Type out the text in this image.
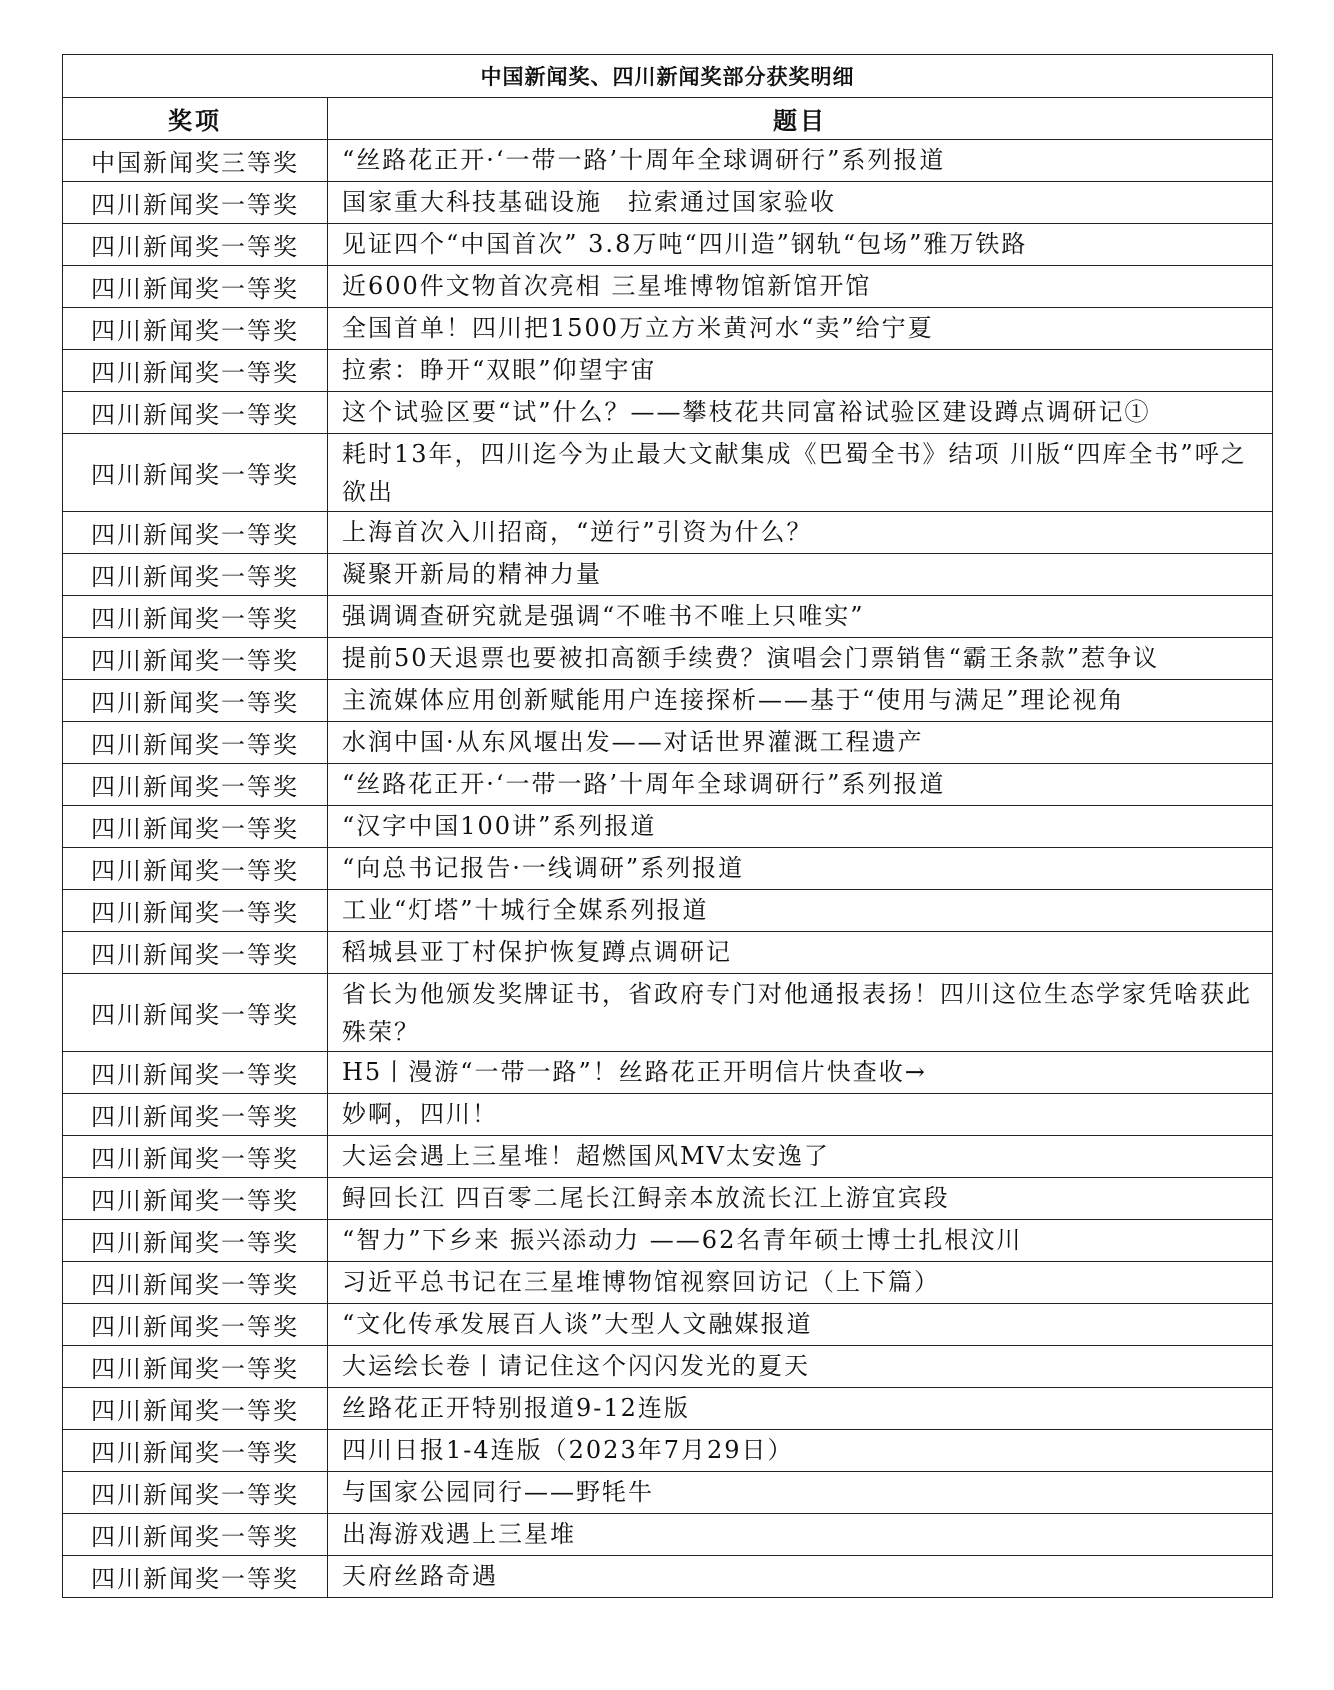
中国新闻奖、四川新闻奖部分获奖明细	
奖项	题目
中国新闻奖三等奖	“丝路花正开·‘一带一路’十周年全球调研行”系列报道
四川新闻奖一等奖	国家重大科技基础设施　拉索通过国家验收
四川新闻奖一等奖	见证四个“中国首次” 3.8万吨“四川造”钢轨“包场”雅万铁路
四川新闻奖一等奖	近600件文物首次亮相 三星堆博物馆新馆开馆
四川新闻奖一等奖	全国首单！四川把1500万立方米黄河水“卖”给宁夏
四川新闻奖一等奖	拉索：睁开“双眼”仰望宇宙
四川新闻奖一等奖	这个试验区要“试”什么？——攀枝花共同富裕试验区建设蹲点调研记①
四川新闻奖一等奖	耗时13年，四川迄今为止最大文献集成《巴蜀全书》结项 川版“四库全书”呼之欲出
四川新闻奖一等奖	上海首次入川招商，“逆行”引资为什么？
四川新闻奖一等奖	凝聚开新局的精神力量
四川新闻奖一等奖	强调调查研究就是强调“不唯书不唯上只唯实”
四川新闻奖一等奖	提前50天退票也要被扣高额手续费？演唱会门票销售“霸王条款”惹争议
四川新闻奖一等奖	主流媒体应用创新赋能用户连接探析——基于“使用与满足”理论视角
四川新闻奖一等奖	水润中国·从东风堰出发——对话世界灌溉工程遗产
四川新闻奖一等奖	“丝路花正开·‘一带一路’十周年全球调研行”系列报道
四川新闻奖一等奖	“汉字中国100讲”系列报道
四川新闻奖一等奖	“向总书记报告·一线调研”系列报道
四川新闻奖一等奖	工业“灯塔”十城行全媒系列报道
四川新闻奖一等奖	稻城县亚丁村保护恢复蹲点调研记
四川新闻奖一等奖	省长为他颁发奖牌证书，省政府专门对他通报表扬！四川这位生态学家凭啥获此殊荣？
四川新闻奖一等奖	H5丨漫游“一带一路”！丝路花正开明信片快查收→
四川新闻奖一等奖	妙啊，四川！
四川新闻奖一等奖	大运会遇上三星堆！超燃国风MV太安逸了
四川新闻奖一等奖	鲟回长江 四百零二尾长江鲟亲本放流长江上游宜宾段
四川新闻奖一等奖	“智力”下乡来 振兴添动力 ——62名青年硕士博士扎根汶川
四川新闻奖一等奖	习近平总书记在三星堆博物馆视察回访记（上下篇）
四川新闻奖一等奖	“文化传承发展百人谈”大型人文融媒报道
四川新闻奖一等奖	大运绘长卷丨请记住这个闪闪发光的夏天
四川新闻奖一等奖	丝路花正开特别报道9-12连版
四川新闻奖一等奖	四川日报1-4连版（2023年7月29日）
四川新闻奖一等奖	与国家公园同行——野牦牛
四川新闻奖一等奖	出海游戏遇上三星堆
四川新闻奖一等奖	天府丝路奇遇
